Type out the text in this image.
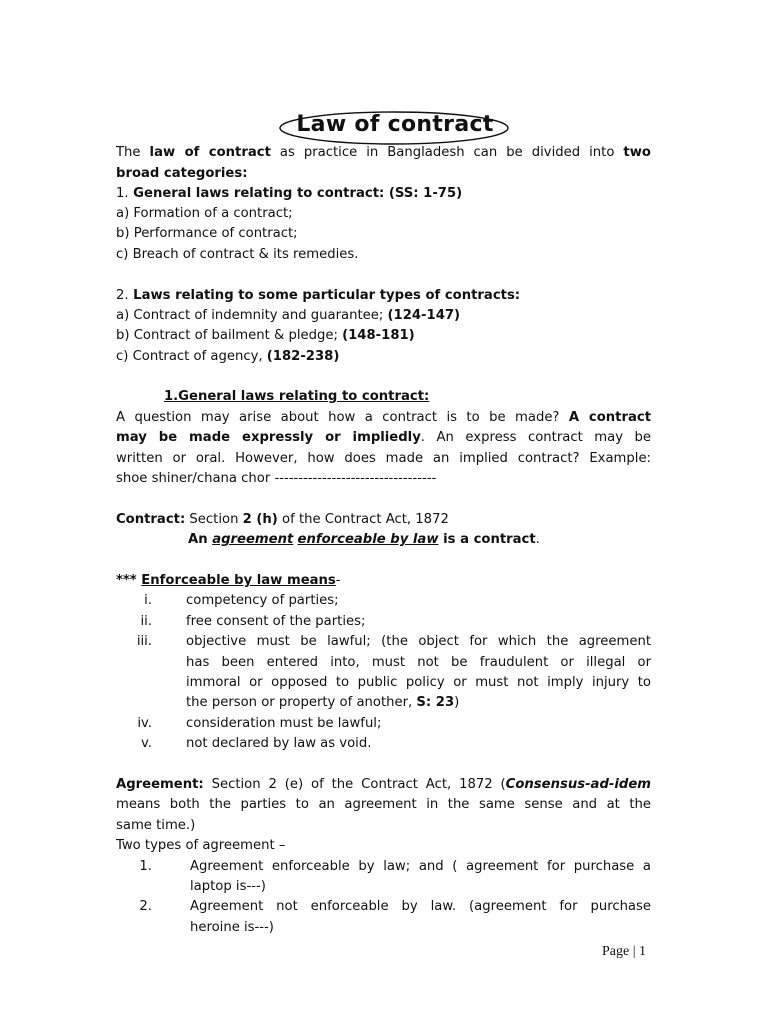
Law of contract
The law of contract as practice in Bangladesh can be divided into two
broad categories:
1. General laws relating to contract: (SS: 1-75)
a) Formation of a contract;
b) Performance of contract;
c) Breach of contract & its remedies.
2. Laws relating to some particular types of contracts:
a) Contract of indemnity and guarantee; (124-147)
b) Contract of bailment & pledge; (148-181)
c) Contract of agency, (182-238)
1.General laws relating to contract:
A question may arise about how a contract is to be made? A contract
may be made expressly or impliedly. An express contract may be
written or oral. However, how does made an implied contract? Example:
shoe shiner/chana chor ----------------------------------
Contract: Section 2 (h) of the Contract Act, 1872
An agreement enforceable by law is a contract.
*** Enforceable by law means-
i.	competency of parties;
ii.	free consent of the parties;
iii.	objective must be lawful; (the object for which the agreement
has been entered into, must not be fraudulent or illegal or
immoral or opposed to public policy or must not imply injury to
the person or property of another, S: 23)
iv.	consideration must be lawful;
v.	not declared by law as void.
Agreement: Section 2 (e) of the Contract Act, 1872 (Consensus-ad-idem
means both the parties to an agreement in the same sense and at the
same time.)
Two types of agreement –
1.	Agreement enforceable by law; and ( agreement for purchase a
laptop is---)
2.	Agreement not enforceable by law. (agreement for purchase
heroine is---)
Page | 1
